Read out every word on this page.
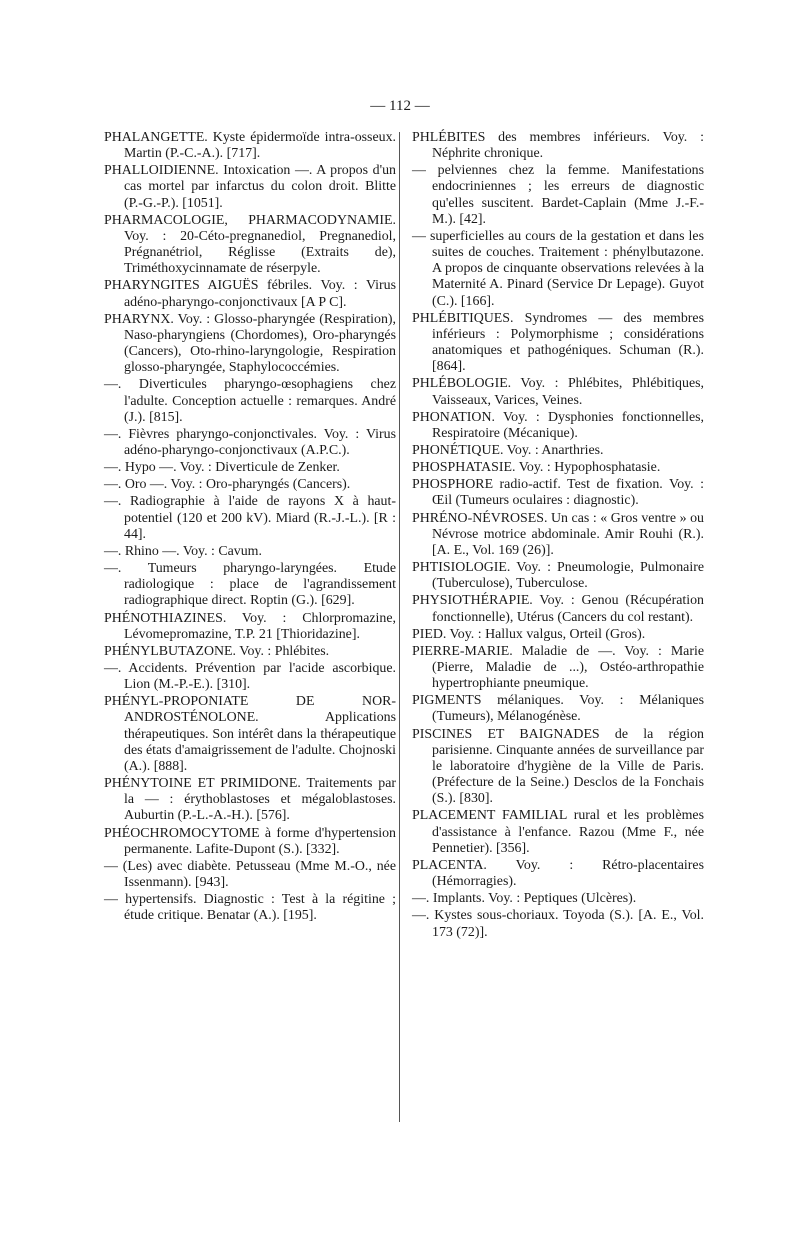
— 112 —

PHALANGETTE. Kyste épidermoïde intra-osseux. Martin (P.-C.-A.). [717].

PHALLOIDIENNE. Intoxication —. A propos d'un cas mortel par infarctus du colon droit. Blitte (P.-G.-P.). [1051].

PHARMACOLOGIE, PHARMACODYNAMIE. Voy. : 20-Céto-pregnanediol, Pregnanediol, Prégnanétriol, Réglisse (Extraits de), Triméthoxycinnamate de réserpyle.

PHARYNGITES AIGUËS fébriles. Voy. : Virus adéno-pharyngo-conjonctivaux [A P C].

PHARYNX. Voy. : Glosso-pharyngée (Respiration), Naso-pharyngiens (Chordomes), Oro-pharyngés (Cancers), Oto-rhino-laryngologie, Respiration glosso-pharyngée, Staphylococcémies.

—. Diverticules pharyngo-œsophagiens chez l'adulte. Conception actuelle : remarques. André (J.). [815].

—. Fièvres pharyngo-conjonctivales. Voy. : Virus adéno-pharyngo-conjonctivaux (A.P.C.).

—. Hypo —. Voy. : Diverticule de Zenker.

—. Oro —. Voy. : Oro-pharyngés (Cancers).

—. Radiographie à l'aide de rayons X à haut-potentiel (120 et 200 kV). Miard (R.-J.-L.). [R : 44].

—. Rhino —. Voy. : Cavum.

—. Tumeurs pharyngo-laryngées. Etude radiologique : place de l'agrandissement radiographique direct. Roptin (G.). [629].

PHÉNOTHIAZINES. Voy. : Chlorpromazine, Lévomepromazine, T.P. 21 [Thioridazine].

PHÉNYLBUTAZONE. Voy. : Phlébites.

—. Accidents. Prévention par l'acide ascorbique. Lion (M.-P.-E.). [310].

PHÉNYL-PROPONIATE DE NOR-ANDROSTÉNOLONE. Applications thérapeutiques. Son intérêt dans la thérapeutique des états d'amaigrissement de l'adulte. Chojnoski (A.). [888].

PHÉNYTOINE ET PRIMIDONE. Traitements par la — : érythoblastoses et mégaloblastoses. Auburtin (P.-L.-A.-H.). [576].

PHÉOCHROMOCYTOME à forme d'hypertension permanente. Lafite-Dupont (S.). [332].

— (Les) avec diabète. Petusseau (Mme M.-O., née Issenmann). [943].

— hypertensifs. Diagnostic : Test à la régitine ; étude critique. Benatar (A.). [195].

PHLÉBITES des membres inférieurs. Voy. : Néphrite chronique.

— pelviennes chez la femme. Manifestations endocriniennes ; les erreurs de diagnostic qu'elles suscitent. Bardet-Caplain (Mme J.-F.-M.). [42].

— superficielles au cours de la gestation et dans les suites de couches. Traitement : phénylbutazone. A propos de cinquante observations relevées à la Maternité A. Pinard (Service Dr Lepage). Guyot (C.). [166].

PHLÉBITIQUES. Syndromes — des membres inférieurs : Polymorphisme ; considérations anatomiques et pathogéniques. Schuman (R.). [864].

PHLÉBOLOGIE. Voy. : Phlébites, Phlébitiques, Vaisseaux, Varices, Veines.

PHONATION. Voy. : Dysphonies fonctionnelles, Respiratoire (Mécanique).

PHONÉTIQUE. Voy. : Anarthries.

PHOSPHATASIE. Voy. : Hypophosphatasie.

PHOSPHORE radio-actif. Test de fixation. Voy. : Œil (Tumeurs oculaires : diagnostic).

PHRÉNO-NÉVROSES. Un cas : « Gros ventre » ou Névrose motrice abdominale. Amir Rouhi (R.). [A. E., Vol. 169 (26)].

PHTISIOLOGIE. Voy. : Pneumologie, Pulmonaire (Tuberculose), Tuberculose.

PHYSIOTHÉRAPIE. Voy. : Genou (Récupération fonctionnelle), Utérus (Cancers du col restant).

PIED. Voy. : Hallux valgus, Orteil (Gros).

PIERRE-MARIE. Maladie de —. Voy. : Marie (Pierre, Maladie de ...), Ostéo-arthropathie hypertrophiante pneumique.

PIGMENTS mélaniques. Voy. : Mélaniques (Tumeurs), Mélanogénèse.

PISCINES ET BAIGNADES de la région parisienne. Cinquante années de surveillance par le laboratoire d'hygiène de la Ville de Paris. (Préfecture de la Seine.) Desclos de la Fonchais (S.). [830].

PLACEMENT FAMILIAL rural et les problèmes d'assistance à l'enfance. Razou (Mme F., née Pennetier). [356].

PLACENTA. Voy. : Rétro-placentaires (Hémorragies).

—. Implants. Voy. : Peptiques (Ulcères).

—. Kystes sous-choriaux. Toyoda (S.). [A. E., Vol. 173 (72)].
